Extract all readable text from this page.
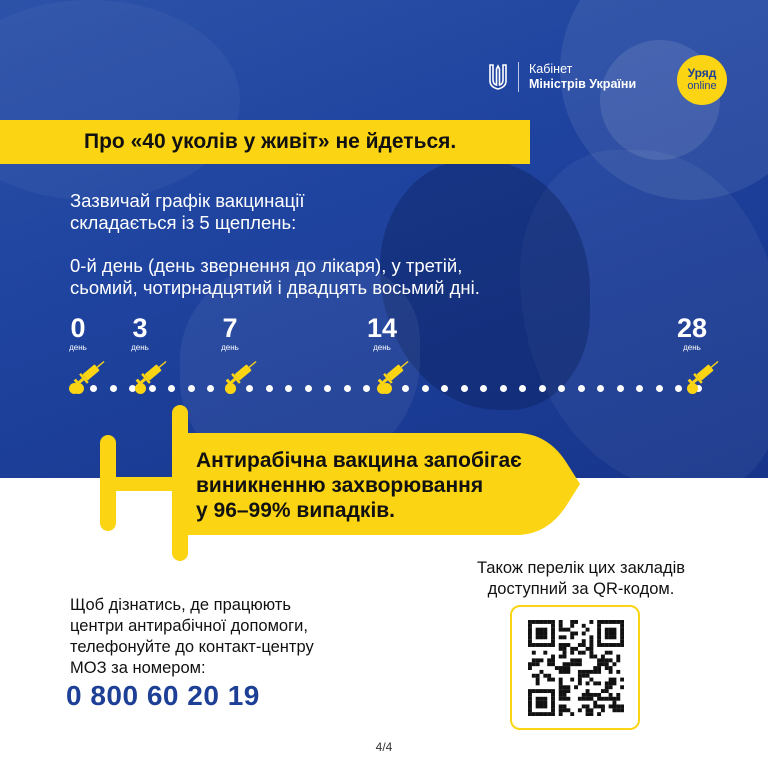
Кабінет
Міністрів України
Уряд
online
Про «40 уколів у живіт» не йдеться.
Зазвичай графік вакцинації
складається із 5 щеплень:
0-й день (день звернення до лікаря), у третій,
сьомий, чотирнадцятий і двадцять восьмий дні.
0
день
3
день
7
день
14
день
28
день
Антирабічна вакцина запобігає
виникненню захворювання
у 96–99% випадків.
Щоб дізнатись, де працюють
центри антирабічної допомоги,
телефонуйте до контакт-центру
МОЗ за номером:
0 800 60 20 19
Також перелік цих закладів
доступний за QR-кодом.
4/4
